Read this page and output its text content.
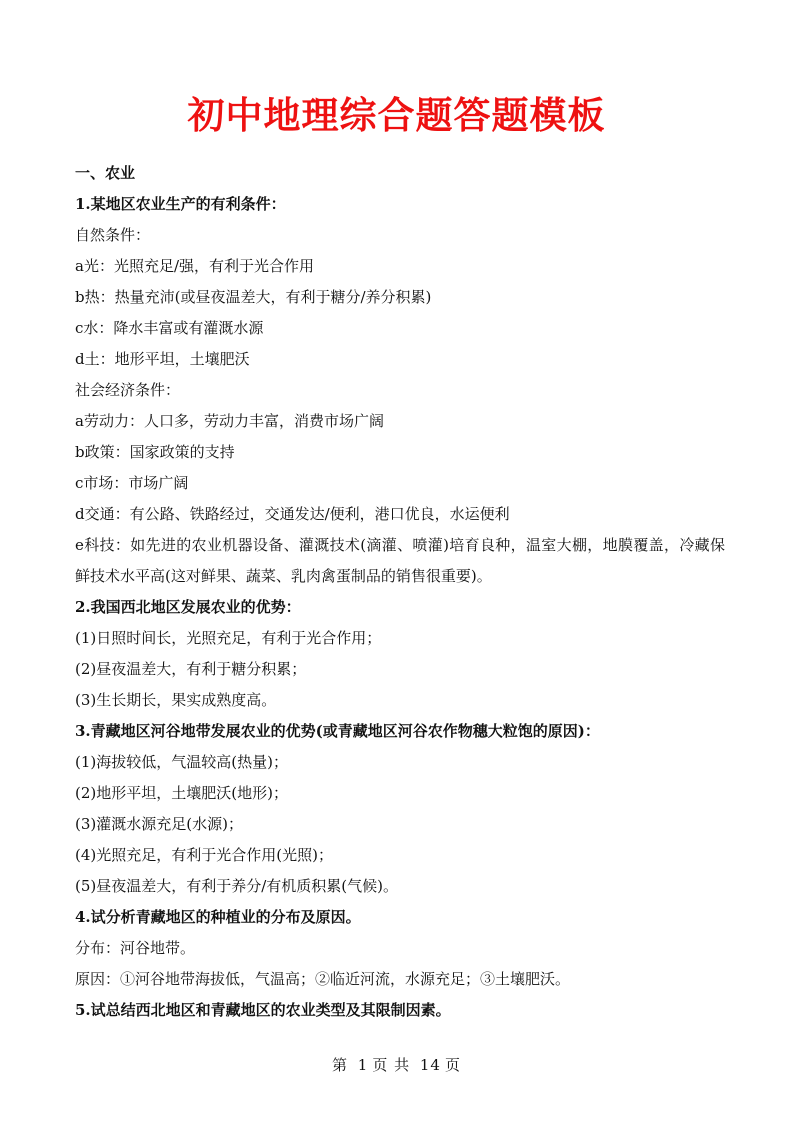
初中地理综合题答题模板
一、农业
1.某地区农业生产的有利条件：
自然条件：
a光：光照充足/强，有利于光合作用
b热：热量充沛(或昼夜温差大，有利于糖分/养分积累)
c水：降水丰富或有灌溉水源
d土：地形平坦，土壤肥沃
社会经济条件：
a劳动力：人口多，劳动力丰富，消费市场广阔
b政策：国家政策的支持
c市场：市场广阔
d交通：有公路、铁路经过，交通发达/便利，港口优良，水运便利
e科技：如先进的农业机器设备、灌溉技术(滴灌、喷灌)培育良种，温室大棚，地膜覆盖，冷藏保鲜技术水平高(这对鲜果、蔬菜、乳肉禽蛋制品的销售很重要)。
2.我国西北地区发展农业的优势：
(1)日照时间长，光照充足，有利于光合作用；
(2)昼夜温差大，有利于糖分积累；
(3)生长期长，果实成熟度高。
3.青藏地区河谷地带发展农业的优势(或青藏地区河谷农作物穗大粒饱的原因)：
(1)海拔较低，气温较高(热量)；
(2)地形平坦，土壤肥沃(地形)；
(3)灌溉水源充足(水源)；
(4)光照充足，有利于光合作用(光照)；
(5)昼夜温差大，有利于养分/有机质积累(气候)。
4.试分析青藏地区的种植业的分布及原因。
分布：河谷地带。
原因：①河谷地带海拔低，气温高；②临近河流，水源充足；③土壤肥沃。
5.试总结西北地区和青藏地区的农业类型及其限制因素。
第 1 页 共 14 页
